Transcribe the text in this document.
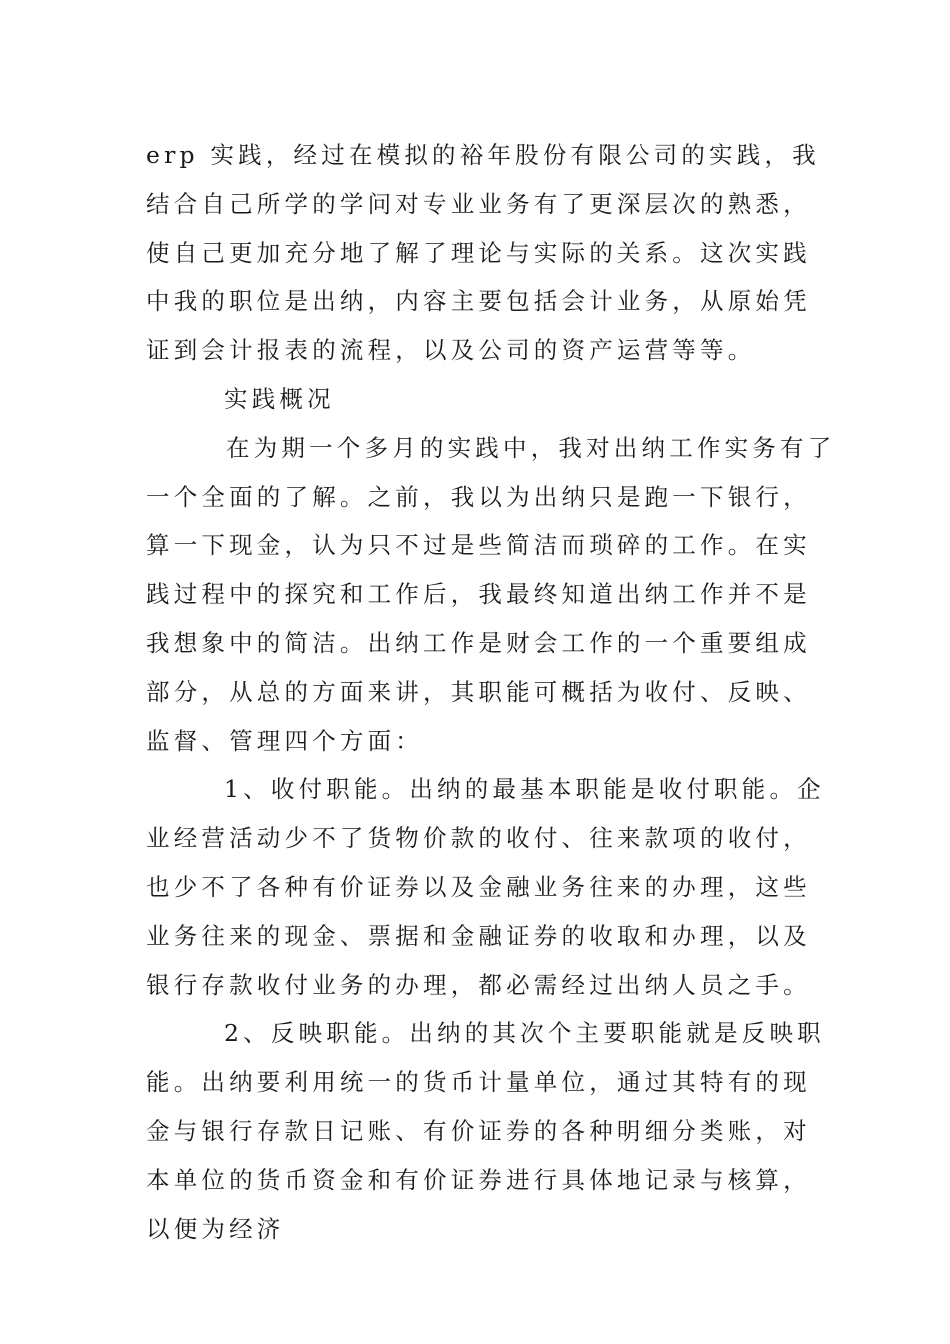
erp 实践，经过在模拟的裕年股份有限公司的实践，我结合自己所学的学问对专业业务有了更深层次的熟悉，使自己更加充分地了解了理论与实际的关系。这次实践中我的职位是出纳，内容主要包括会计业务，从原始凭证到会计报表的流程，以及公司的资产运营等等。

实践概况

在为期一个多月的实践中，我对出纳工作实务有了一个全面的了解。之前，我以为出纳只是跑一下银行，算一下现金，认为只不过是些简洁而琐碎的工作。在实践过程中的探究和工作后，我最终知道出纳工作并不是我想象中的简洁。出纳工作是财会工作的一个重要组成部分，从总的方面来讲，其职能可概括为收付、反映、监督、管理四个方面：

1、收付职能。出纳的最基本职能是收付职能。企业经营活动少不了货物价款的收付、往来款项的收付，也少不了各种有价证券以及金融业务往来的办理，这些业务往来的现金、票据和金融证券的收取和办理，以及银行存款收付业务的办理，都必需经过出纳人员之手。

2、反映职能。出纳的其次个主要职能就是反映职能。出纳要利用统一的货币计量单位，通过其特有的现金与银行存款日记账、有价证券的各种明细分类账，对本单位的货币资金和有价证券进行具体地记录与核算，以便为经济
